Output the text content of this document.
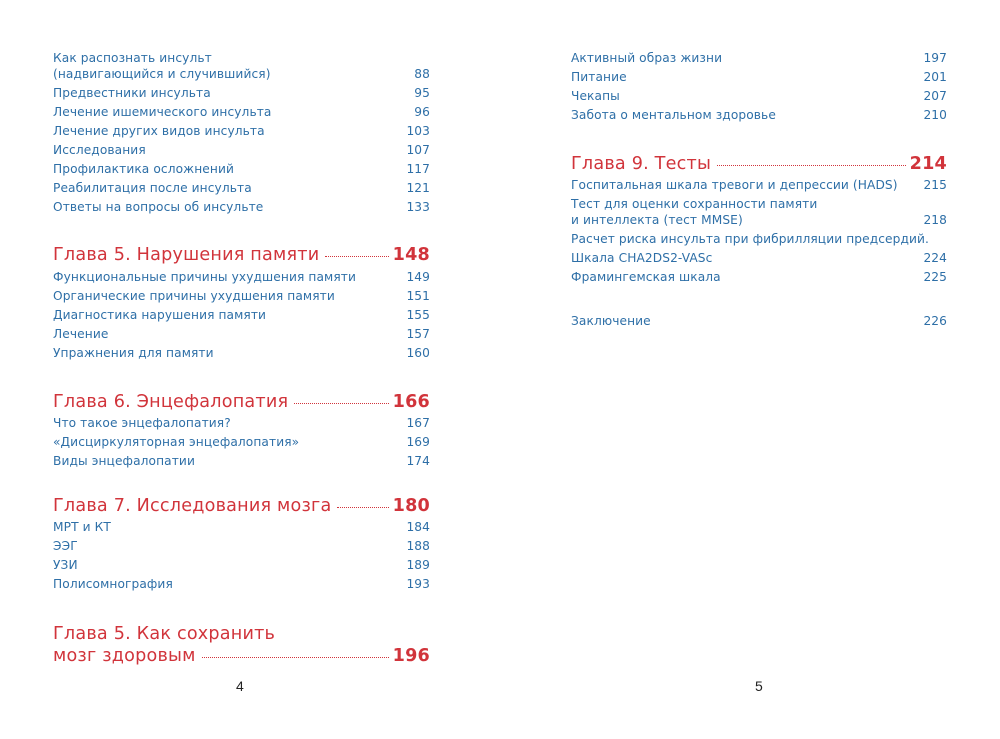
Как распознать инсульт
(надвигающийся и случившийся)	88
Предвестники инсульта	95
Лечение ишемического инсульта	96
Лечение других видов инсульта	103
Исследования	107
Профилактика осложнений	117
Реабилитация после инсульта	121
Ответы на вопросы об инсульте	133
Глава 5. Нарушения памяти	148
Функциональные причины ухудшения памяти	149
Органические причины ухудшения памяти	151
Диагностика нарушения памяти	155
Лечение	157
Упражнения для памяти	160
Глава 6. Энцефалопатия	166
Что такое энцефалопатия?	167
«Дисциркуляторная энцефалопатия»	169
Виды энцефалопатии	174
Глава 7. Исследования мозга	180
МРТ и КТ	184
ЭЭГ	188
УЗИ	189
Полисомнография	193
Глава 5. Как сохранить
мозг здоровым	196
4
Активный образ жизни	197
Питание	201
Чекапы	207
Забота о ментальном здоровье	210
Глава 9. Тесты	214
Госпитальная шкала тревоги и депрессии (HADS)	215
Тест для оценки сохранности памяти
и интеллекта (тест MMSE)	218
Расчет риска инсульта при фибрилляции предсердий.
Шкала CHA2DS2-VASc	224
Фрамингемская шкала	225
Заключение	226
5
